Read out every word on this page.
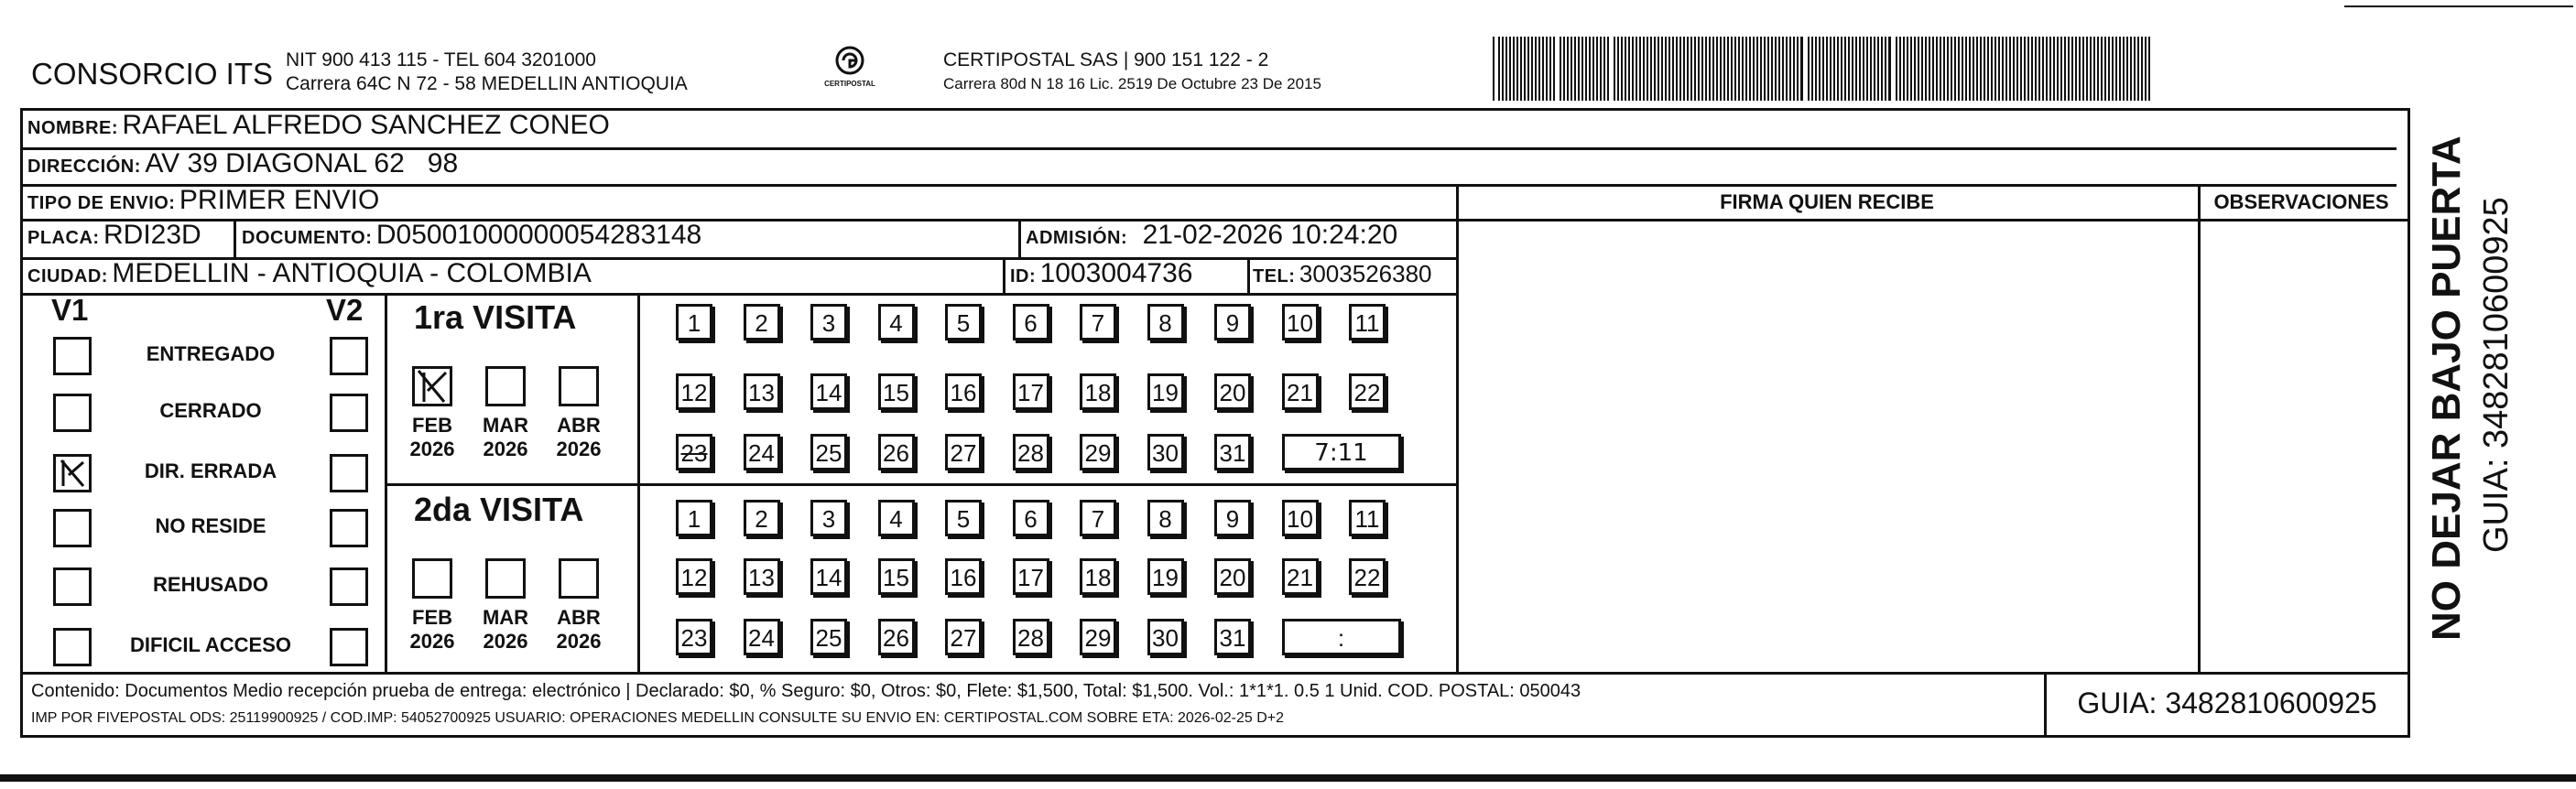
CONSORCIO ITS NIT 900 413 115 - TEL 604 3201000
Carrera 64C N 72 - 58 MEDELLIN ANTIOQUIA	CERTIPOSTAL
CERTIPOSTAL SAS | 900 151 122 - 2
Carrera 80d N 18 16 Lic. 2519 De Octubre 23 De 2015
NOMBRE: RAFAEL ALFREDO SANCHEZ CONEO
DIRECCIÓN: AV 39 DIAGONAL 62   98
TIPO DE ENVIO: PRIMER ENVIO	FIRMA QUIEN RECIBE	OBSERVACIONES
PLACA: RDI23D DOCUMENTO: D05001000000054283148	ADMISIÓN: 21-02-2026 10:24:20
CIUDAD: MEDELLIN - ANTIOQUIA - COLOMBIA	ID: 1003004736	TEL: 3003526380
V1	V2
ENTREGADO
CERRADO
DIR. ERRADA
NO RESIDE
REHUSADO
DIFICIL ACCESO
1ra VISITA
2da VISITA
FEB
2026
MAR
2026
ABR
2026
FEB
2026
MAR
2026
ABR
2026
1	2	3	4	5	6	7	8	9	10 11
12 13 14 15 16 17 18 19 20 21 22
23 24 25 26 27 28 29 30 31	7:11
1	2	3	4	5	6	7	8	9	10 11
12 13 14 15 16 17 18 19 20 21 22
23 24 25 26 27 28 29 30 31	:
Contenido: Documentos Medio recepción prueba de entrega: electrónico | Declarado: $0, % Seguro: $0, Otros: $0, Flete: $1,500, Total: $1,500. Vol.: 1*1*1. 0.5 1 Unid. COD. POSTAL: 050043
IMP POR FIVEPOSTAL ODS: 25119900925 / COD.IMP: 54052700925 USUARIO: OPERACIONES MEDELLIN CONSULTE SU ENVIO EN: CERTIPOSTAL.COM SOBRE ETA: 2026-02-25 D+2	GUIA: 3482810600925
NO DEJAR BAJO PUERTA GUIA: 3482810600925
